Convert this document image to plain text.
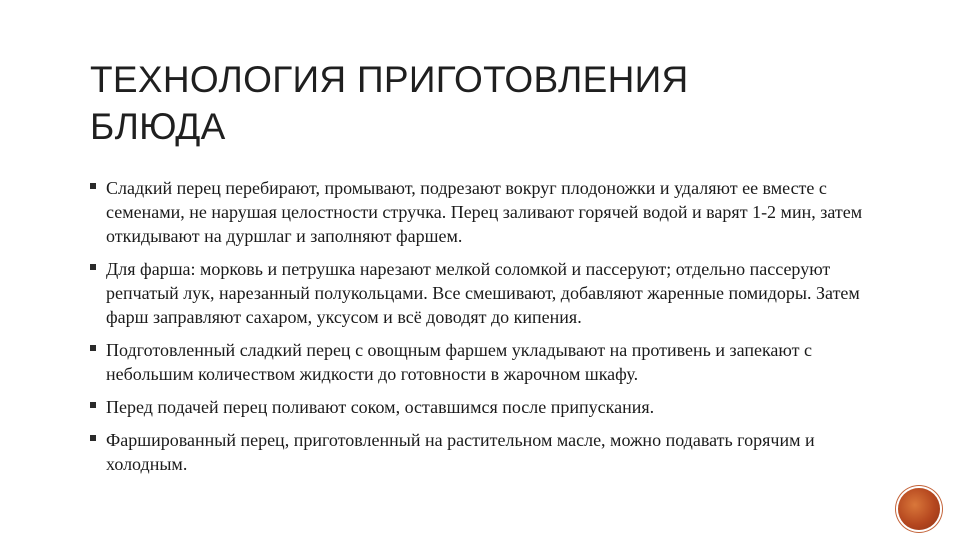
ТЕХНОЛОГИЯ ПРИГОТОВЛЕНИЯ
БЛЮДА
Сладкий перец перебирают, промывают, подрезают вокруг плодоножки и удаляют ее вместе с семенами, не нарушая целостности стручка. Перец заливают горячей водой и варят 1-2 мин, затем откидывают на дуршлаг и заполняют фаршем.
Для фарша: морковь и петрушка нарезают мелкой соломкой и пассеруют; отдельно пассеруют репчатый лук, нарезанный полукольцами. Все смешивают, добавляют жаренные помидоры. Затем фарш заправляют сахаром, уксусом и всё доводят до кипения.
Подготовленный сладкий перец с овощным фаршем укладывают на противень и запекают с небольшим количеством жидкости до готовности в жарочном шкафу.
Перед подачей перец поливают соком, оставшимся после припускания.
Фаршированный перец, приготовленный на растительном масле, можно подавать горячим и холодным.
